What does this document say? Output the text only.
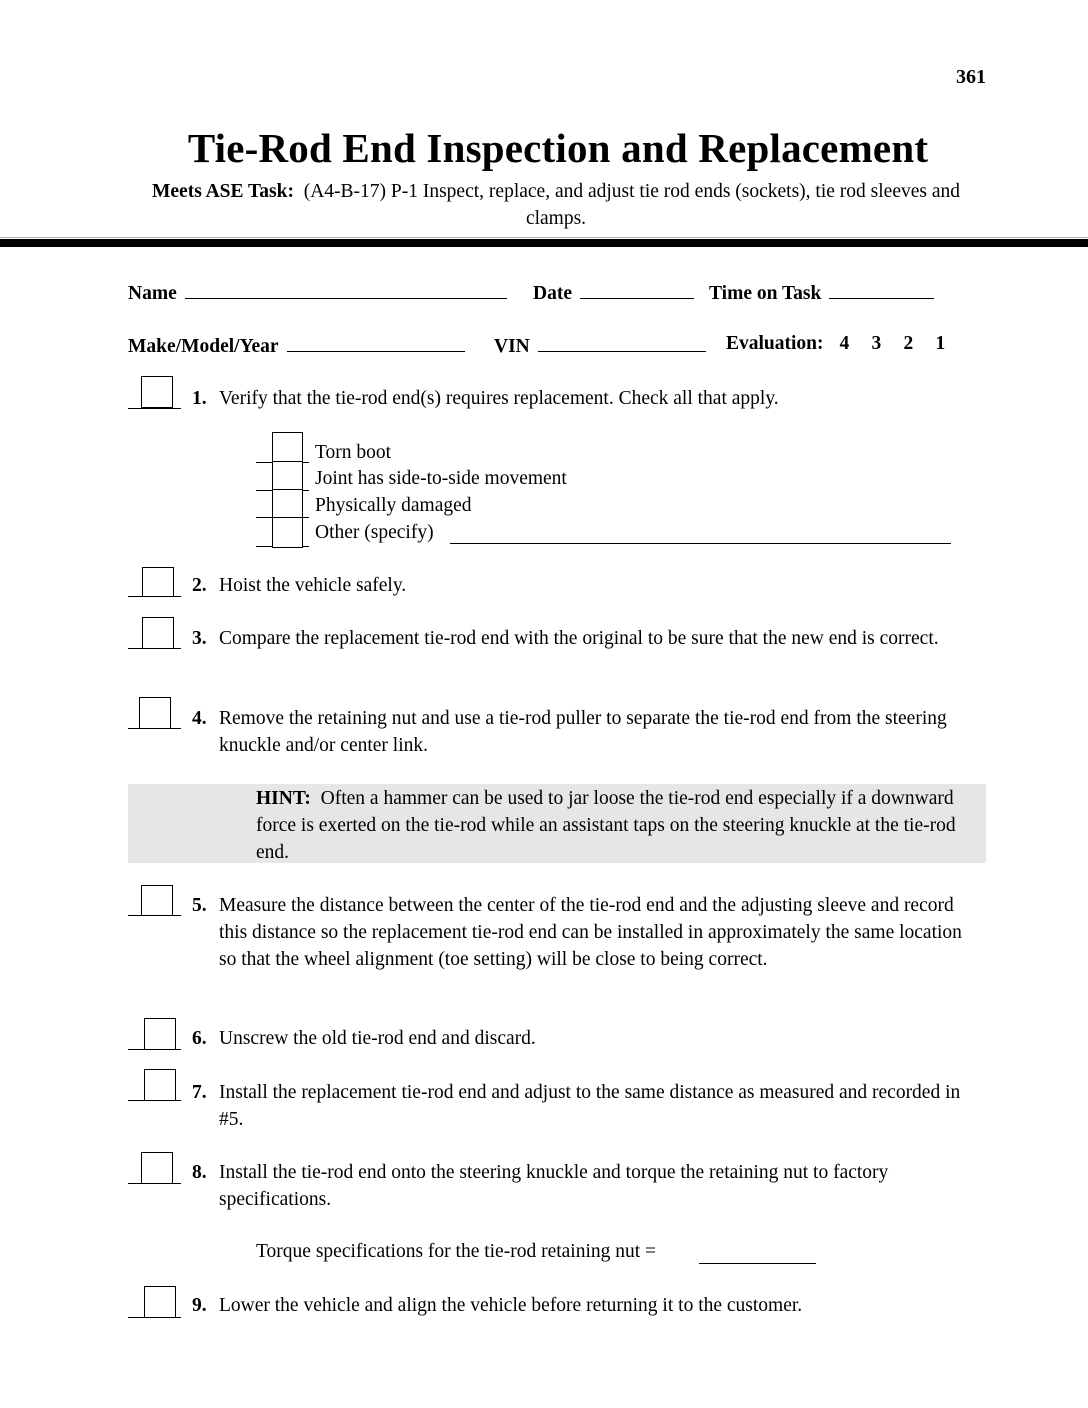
361
Tie-Rod End Inspection and Replacement
Meets ASE Task: (A4-B-17) P-1 Inspect, replace, and adjust tie rod ends (sockets), tie rod sleeves and clamps.
Name	Date	Time on Task
Make/Model/Year	VIN	Evaluation: 4 3 2 1
1. Verify that the tie-rod end(s) requires replacement. Check all that apply.
Torn boot
Joint has side-to-side movement
Physically damaged
Other (specify)
2. Hoist the vehicle safely.
3. Compare the replacement tie-rod end with the original to be sure that the new end is correct.
4. Remove the retaining nut and use a tie-rod puller to separate the tie-rod end from the steering knuckle and/or center link.
HINT: Often a hammer can be used to jar loose the tie-rod end especially if a downward force is exerted on the tie-rod while an assistant taps on the steering knuckle at the tie-rod end.
5. Measure the distance between the center of the tie-rod end and the adjusting sleeve and record this distance so the replacement tie-rod end can be installed in approximately the same location so that the wheel alignment (toe setting) will be close to being correct.
6. Unscrew the old tie-rod end and discard.
7. Install the replacement tie-rod end and adjust to the same distance as measured and recorded in #5.
8. Install the tie-rod end onto the steering knuckle and torque the retaining nut to factory specifications.
Torque specifications for the tie-rod retaining nut =
9. Lower the vehicle and align the vehicle before returning it to the customer.
